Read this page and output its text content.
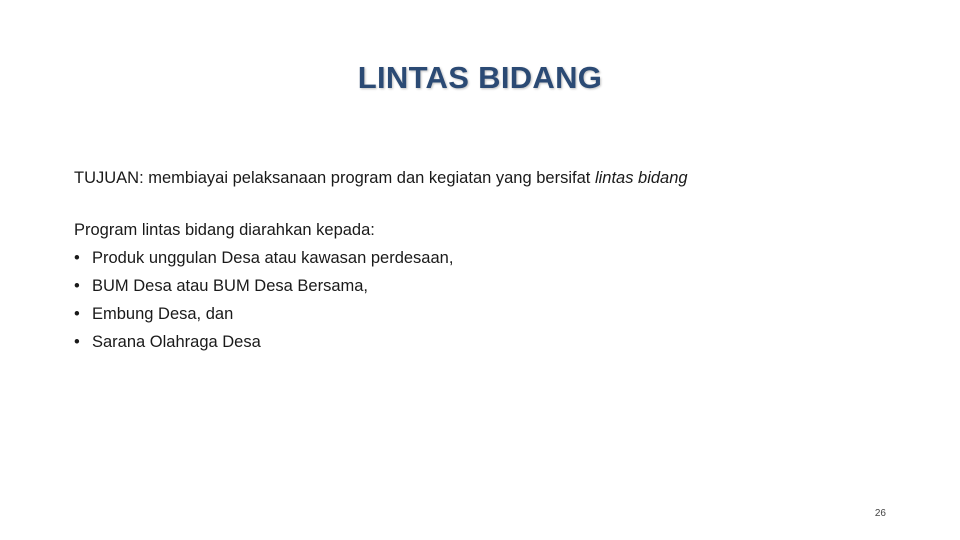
LINTAS BIDANG

TUJUAN: membiayai pelaksanaan program dan kegiatan yang bersifat lintas bidang

Program lintas bidang diarahkan kepada:

• Produk unggulan Desa atau kawasan perdesaan,
• BUM Desa atau BUM Desa Bersama,
• Embung Desa, dan
• Sarana Olahraga Desa
26
